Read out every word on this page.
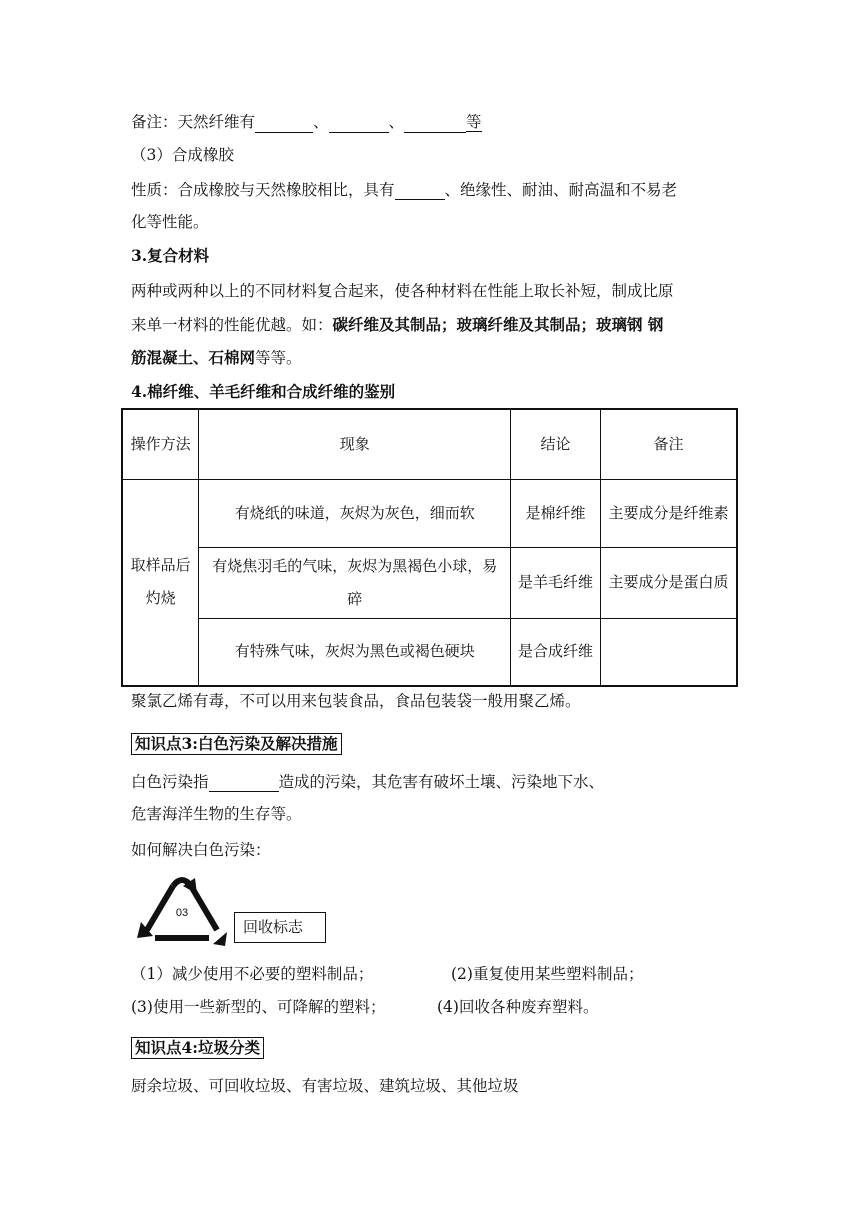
备注：天然纤维有	、	、	等
（3）合成橡胶
性质：合成橡胶与天然橡胶相比，具有	、绝缘性、耐油、耐高温和不易老
化等性能。
3.复合材料
两种或两种以上的不同材料复合起来，使各种材料在性能上取长补短，制成比原
来单一材料的性能优越。如：碳纤维及其制品；玻璃纤维及其制品；玻璃钢 钢
筋混凝土、石棉网等等。
4.棉纤维、羊毛纤维和合成纤维的鉴别
操作方法	现象	结论	备注
取样品后灼烧	有烧纸的味道，灰烬为灰色，细而软	是棉纤维	主要成分是纤维素
	有烧焦羽毛的气味，灰烬为黑褐色小球，易碎	是羊毛纤维	主要成分是蛋白质
	有特殊气味，灰烬为黑色或褐色硬块	是合成纤维	
聚氯乙烯有毒，不可以用来包装食品，食品包装袋一般用聚乙烯。
知识点3:白色污染及解决措施
白色污染指	造成的污染，其危害有破坏土壤、污染地下水、
危害海洋生物的生存等。
如何解决白色污染：
03
回收标志
（1）减少使用不必要的塑料制品；	(2)重复使用某些塑料制品；
(3)使用一些新型的、可降解的塑料；	(4)回收各种废弃塑料。
知识点4:垃圾分类
厨余垃圾、可回收垃圾、有害垃圾、建筑垃圾、其他垃圾
